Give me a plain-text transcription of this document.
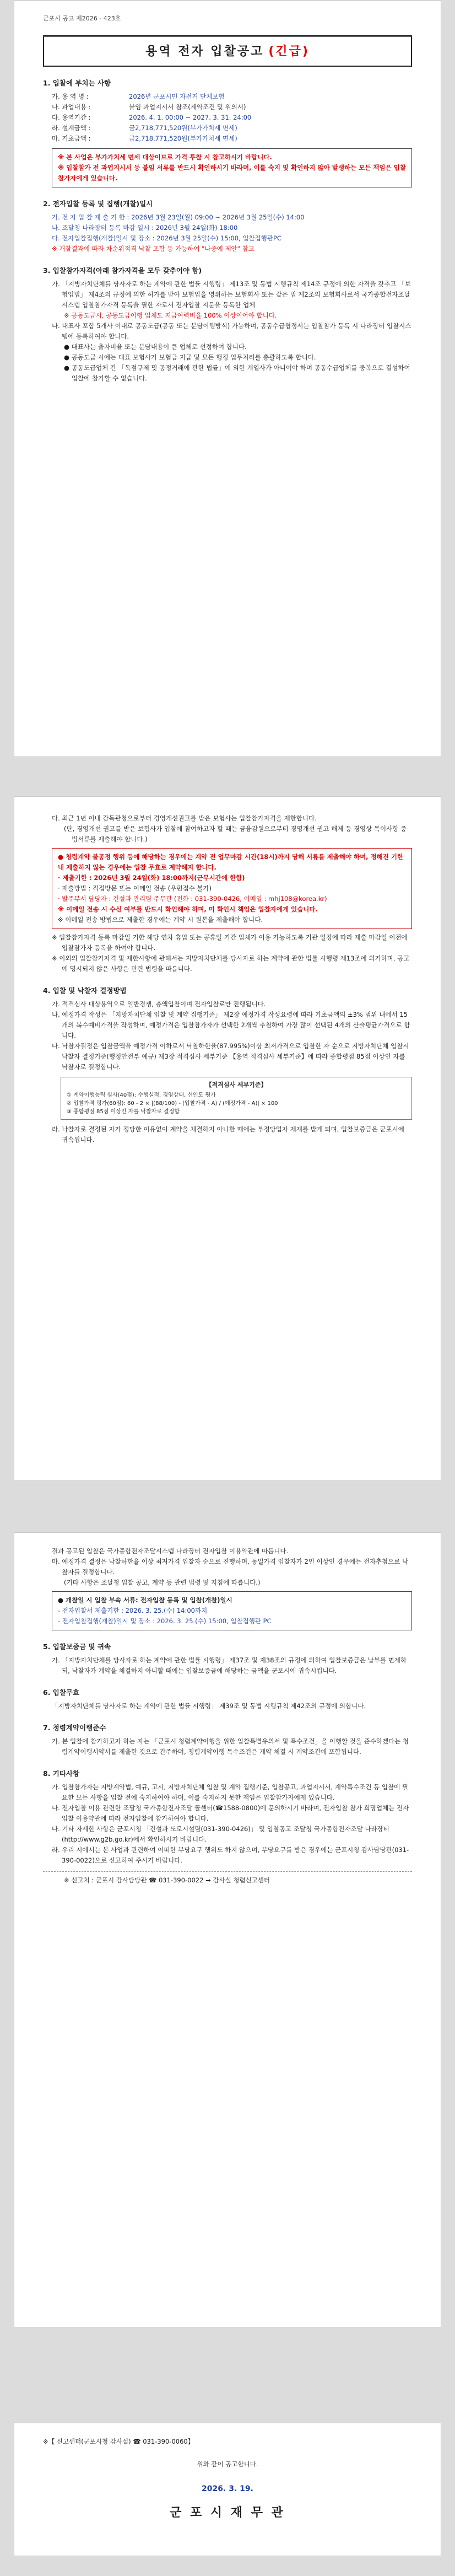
군포시 공고 제2026 - 423호
용역 전자 입찰공고 (긴급)
1. 입찰에 부치는 사항
가. 용 역 명 :	2026년 군포시민 자전거 단체보험
나. 과업내용 :	붙임 과업지시서 참조(계약조건 및 위의서)
다. 용역기간 :	2026. 4. 1. 00:00 ~ 2027. 3. 31. 24:00
라. 설계금액 :	금2,718,771,520원(부가가치세 면세)
마. 기초금액 :	금2,718,771,520원(부가가치세 면세)
※ 본 사업은 부가가치세 면세 대상이므로 가격 투찰 시 참고하시기 바랍니다.
※ 입찰참가 전 과업지시서 등 붙임 서류를 반드시 확인하시기 바라며, 이를 숙지 및 확인하지 않아 발생하는 모든 책임은 입찰참가자에게 있습니다.
2. 전자입찰 등록 및 집행(개찰)일시
가. 전 자 입 찰 제 출 기 한 : 2026년 3월 23일(월) 09:00 ~ 2026년 3월 25일(수) 14:00
나. 조달청 나라장터 등록 마감 일시 : 2026년 3월 24일(화) 18:00
다. 전자입찰집행(개찰)일시 및 장소 : 2026년 3월 25일(수) 15:00, 입찰집행관PC
※ 개찰결과에 따라 차순위적격 낙찰 포함 등 가능하여 "나중에 제안" 참고
3. 입찰참가자격(아래 참가자격을 모두 갖추어야 함)
가. 「지방자치단체를 당사자로 하는 계약에 관한 법률 시행령」 제13조 및 동법 시행규칙 제14조 규정에 의한 자격을 갖추고 「보험업법」 제4조의 규정에 의한 허가를 받아 보험업을 영위하는 보험회사 또는 같은 법 제2조의 보험회사로서 국가종합전자조달시스템 입찰참가자격 등록을 필한 자로서 전자입찰 지문을 등록한 업체
※ 공동도급시, 공동도급이행 업체도 지급여력비율 100% 이상이어야 합니다.
나. 대표사 포함 5개사 이내로 공동도급(공동 또는 분담이행방식) 가능하며, 공동수급협정서는 입찰참가 등록 시 나라장터 입찰시스템에 등록하여야 합니다.
● 대표사는 출자비율 또는 분담내용이 큰 업체로 선정하여 합니다.
● 공동도급 시에는 대표 보험사가 보험금 지급 및 모든 행정 업무처리를 총괄하도록 합니다.
● 공동도급업체 간 「독점규제 및 공정거래에 관한 법률」에 의한 계열사가 아니어야 하며 공동수급업체를 중복으로 결성하여 입찰에 참가할 수 없습니다.
다. 최근 1년 이내 감독관청으로부터 경영개선권고를 받은 보험사는 입찰참가자격을 제한합니다.
(단, 경영개선 권고를 받은 보험사가 입찰에 참여하고자 할 때는 금융감원으로부터 경영개선 권고 해제 등 경영상 특이사항 증빙서류를 제출해야 합니다.)
● 청렴계약 불공정 행위 등에 해당하는 경우에는 계약 전 업무마감 시간(18시)까지 당해 서류를 제출해야 하며, 정해진 기한 내 제출하지 않는 경우에는 입찰 무효로 계약해지 합니다.
· 제출기한 : 2026년 3월 24일(화) 18:00까지(근무시간에 한함)
· 제출방법 : 직접방문 또는 이메일 전송 (우편접수 불가)
· 발주부서 담당자 : 건설과 관리팀 주무관 (전화 : 031-390-0426, 이메일 : mhj108@korea.kr)
※ 이메일 전송 시 수신 여부를 반드시 확인해야 하며, 미 확인시 책임은 입찰자에게 있습니다.
※ 이메일 전송 방법으로 제출한 경우에는 계약 시 원본을 제출해야 합니다.
※ 입찰참가자격 등록 마감일 기한 해당 연차 휴업 또는 공휴일 기간 업체가 이용 가능하도록 기관 일정에 따라 제출 마감일 이전에 입찰참가자 등록을 하여야 합니다.
※ 이외의 입찰참가자격 및 제한사항에 관해서는 지방자치단체를 당사자로 하는 계약에 관한 법률 시행령 제13조에 의거하며, 공고에 명시되지 않은 사항은 관련 법령을 따릅니다.
4. 입찰 및 낙찰자 결정방법
가. 적격심사 대상용역으로 일반경쟁, 총액입찰이며 전자입찰로만 진행됩니다.
나. 예정가격 작성은 「지방자치단체 입찰 및 계약 집행기준」 제2장 예정가격 작성요령에 따라 기초금액의 ±3% 범위 내에서 15개의 복수예비가격을 작성하며, 예정가격은 입찰참가자가 선택한 2개씩 추첨하여 가장 많이 선택된 4개의 산술평균가격으로 합니다.
다. 낙찰자결정은 입찰금액을 예정가격 이하로서 낙찰하한율(87.995%)이상 최저가격으로 입찰한 자 순으로 지방자치단체 입찰시 낙찰자 결정기준(행정안전부 예규) 제3장 적격심사 세부기준 【용역 적격심사 세부기준】에 따라 종합평점 85점 이상인 자를 낙찰자로 결정합니다.
【적격심사 세부기준】
① 계약이행능력 심사(40점): 수행실적, 경영상태, 신인도 평가
② 입찰가격 평가(60점): 60 - 2 × |(88/100) - (입찰가격 - A) / (예정가격 - A)| × 100
③ 종합평점 85점 이상인 자를 낙찰자로 결정함
라. 낙찰자로 결정된 자가 정당한 이유없이 계약을 체결하지 아니한 때에는 부정당업자 제재를 받게 되며, 입찰보증금은 군포시에 귀속됩니다.
결과 공고된 입찰은 국가종합전자조달시스템 나라장터 전자입찰 이용약관에 따릅니다.
마. 예정가격 결정은 낙찰하한율 이상 최저가격 입찰자 순으로 진행하며, 동일가격 입찰자가 2인 이상인 경우에는 전자추첨으로 낙찰자를 결정합니다.
(기타 사항은 조달청 입찰 공고, 계약 등 관련 법령 및 지침에 따릅니다.)
● 개찰일 시 입찰 부속 서류: 전자입찰 등록 및 입찰(개찰)일시
- 전자입찰서 제출기한 : 2026. 3. 25.(수) 14:00까지
- 전자입찰집행(개찰)일시 및 장소 : 2026. 3. 25.(수) 15:00, 입찰집행관 PC
5. 입찰보증금 및 귀속
가. 「지방자치단체를 당사자로 하는 계약에 관한 법률 시행령」 제37조 및 제38조의 규정에 의하여 입찰보증금은 납부를 면제하되, 낙찰자가 계약을 체결하지 아니할 때에는 입찰보증금에 해당하는 금액을 군포시에 귀속시킵니다.
6. 입찰무효
「지방자치단체를 당사자로 하는 계약에 관한 법률 시행령」 제39조 및 동법 시행규칙 제42조의 규정에 의합니다.
7. 청렴계약이행준수
가. 본 입찰에 참가하고자 하는 자는 「군포시 청렴계약이행을 위한 입찰특별유의서 및 특수조건」을 이행할 것을 준수하겠다는 청렴계약이행서약서를 제출한 것으로 간주하며, 청렴계약이행 특수조건은 계약 체결 시 계약조건에 포함됩니다.
8. 기타사항
가. 입찰참가자는 지방계약법, 예규, 고시, 지방자치단체 입찰 및 계약 집행기준, 입찰공고, 과업지시서, 계약특수조건 등 입찰에 필요한 모든 사항을 입찰 전에 숙지하여야 하며, 이를 숙지하지 못한 책임은 입찰참가자에게 있습니다.
나. 전자입찰 이용 관련한 조달청 국가종합전자조달 콜센터(☎1588-0800)에 문의하시기 바라며, 전자입찰 참가 희망업체는 전자입찰 이용약관에 따라 전자입찰에 참가하여야 합니다.
다. 기타 자세한 사항은 군포시청 「건설과 도로시설팀(031-390-0426)」 및 입찰공고 조달청 국가종합전자조달 나라장터(http://www.g2b.go.kr)에서 확인하시기 바랍니다.
라. 우리 시에서는 본 사업과 관련하여 어떠한 부당요구 행위도 하지 않으며, 부당요구를 받은 경우에는 군포시청 감사담당관(031-390-0022)으로 신고하여 주시기 바랍니다.
※ 신고처 : 군포시 감사담당관 ☎ 031-390-0022 → 감사실 청렴신고센터
※【 신고센터(군포시청 감사실) ☎ 031-390-0060】
위와 같이 공고합니다.
2026. 3. 19.
군 포 시 재 무 관
